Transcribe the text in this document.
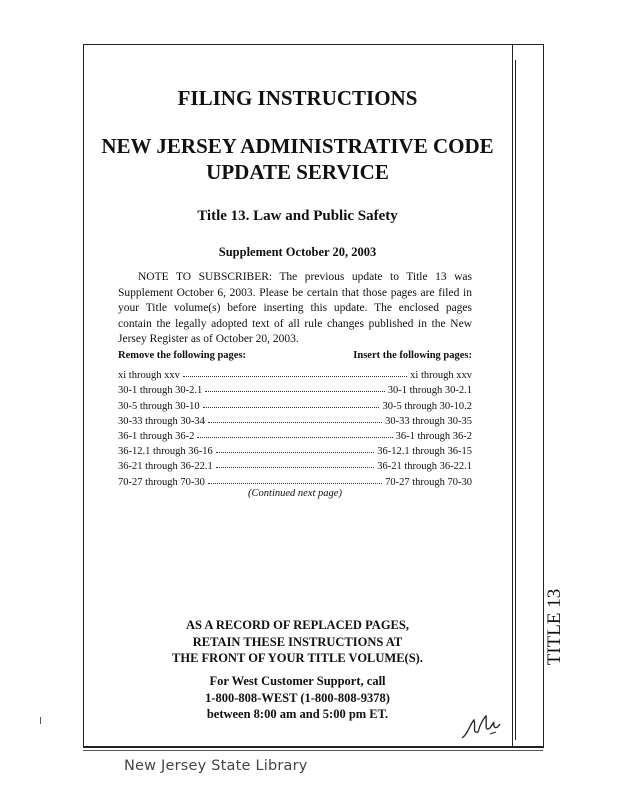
TITLE 13
FILING INSTRUCTIONS
NEW JERSEY ADMINISTRATIVE CODE
UPDATE SERVICE
Title 13. Law and Public Safety
Supplement October 20, 2003
NOTE TO SUBSCRIBER: The previous update to Title 13 was Supplement October 6, 2003. Please be certain that those pages are filed in your Title volume(s) before inserting this update. The enclosed pages contain the legally adopted text of all rule changes published in the New Jersey Register as of October 20, 2003.
Remove the following pages:	Insert the following pages:
xi through xxv	xi through xxv
30-1 through 30-2.1	30-1 through 30-2.1
30-5 through 30-10	30-5 through 30-10.2
30-33 through 30-34	30-33 through 30-35
36-1 through 36-2	36-1 through 36-2
36-12.1 through 36-16	36-12.1 through 36-15
36-21 through 36-22.1	36-21 through 36-22.1
70-27 through 70-30	70-27 through 70-30
(Continued next page)
AS A RECORD OF REPLACED PAGES,
RETAIN THESE INSTRUCTIONS AT
THE FRONT OF YOUR TITLE VOLUME(S).
For West Customer Support, call
1-800-808-WEST (1-800-808-9378)
between 8:00 am and 5:00 pm ET.
New Jersey State Library
